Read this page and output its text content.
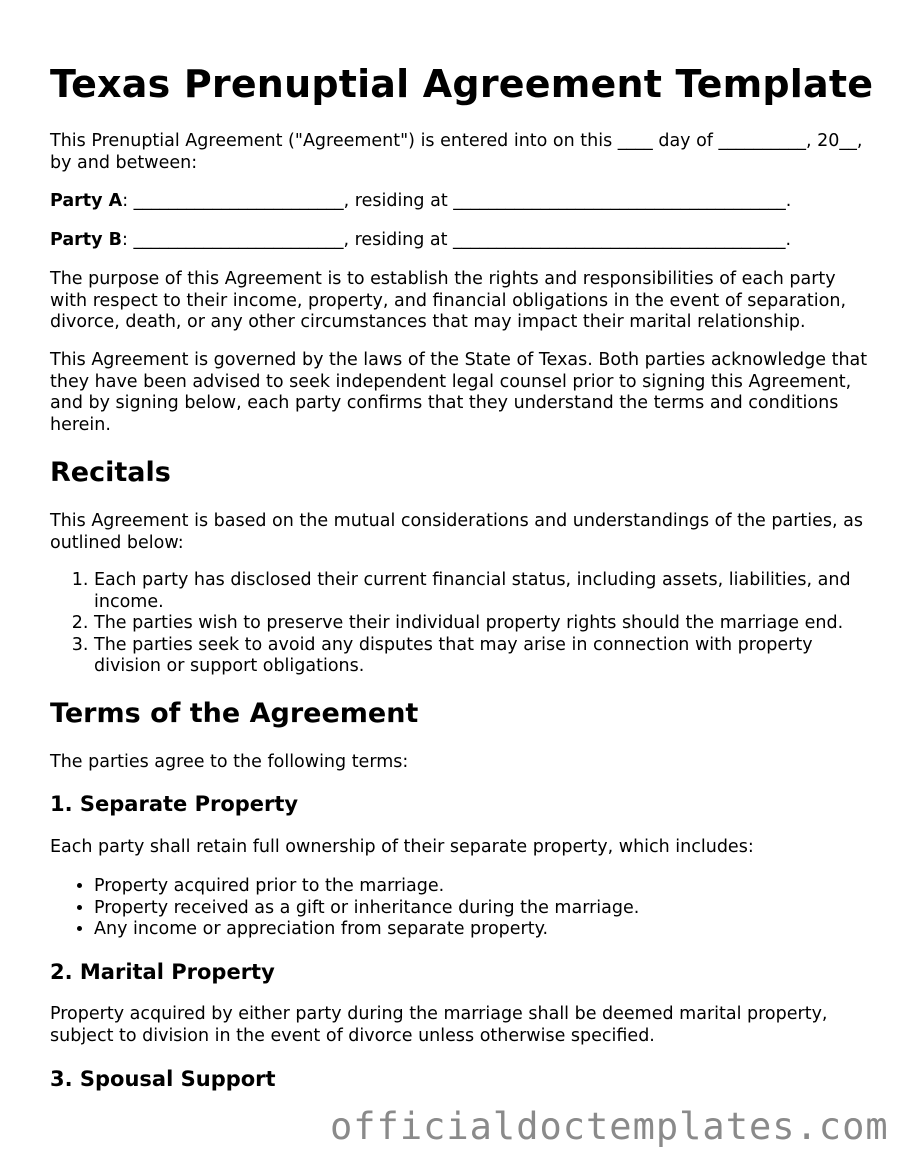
Texas Prenuptial Agreement Template
This Prenuptial Agreement ("Agreement") is entered into on this ____ day of __________, 20__, by and between:
Party A: ________________________, residing at ______________________________________.
Party B: ________________________, residing at ______________________________________.
The purpose of this Agreement is to establish the rights and responsibilities of each party with respect to their income, property, and financial obligations in the event of separation, divorce, death, or any other circumstances that may impact their marital relationship.
This Agreement is governed by the laws of the State of Texas. Both parties acknowledge that they have been advised to seek independent legal counsel prior to signing this Agreement, and by signing below, each party confirms that they understand the terms and conditions herein.
Recitals
This Agreement is based on the mutual considerations and understandings of the parties, as outlined below:
1. Each party has disclosed their current financial status, including assets, liabilities, and income.
2. The parties wish to preserve their individual property rights should the marriage end.
3. The parties seek to avoid any disputes that may arise in connection with property division or support obligations.
Terms of the Agreement
The parties agree to the following terms:
1. Separate Property
Each party shall retain full ownership of their separate property, which includes:
• Property acquired prior to the marriage.
• Property received as a gift or inheritance during the marriage.
• Any income or appreciation from separate property.
2. Marital Property
Property acquired by either party during the marriage shall be deemed marital property, subject to division in the event of divorce unless otherwise specified.
3. Spousal Support
officialdoctemplates.com
